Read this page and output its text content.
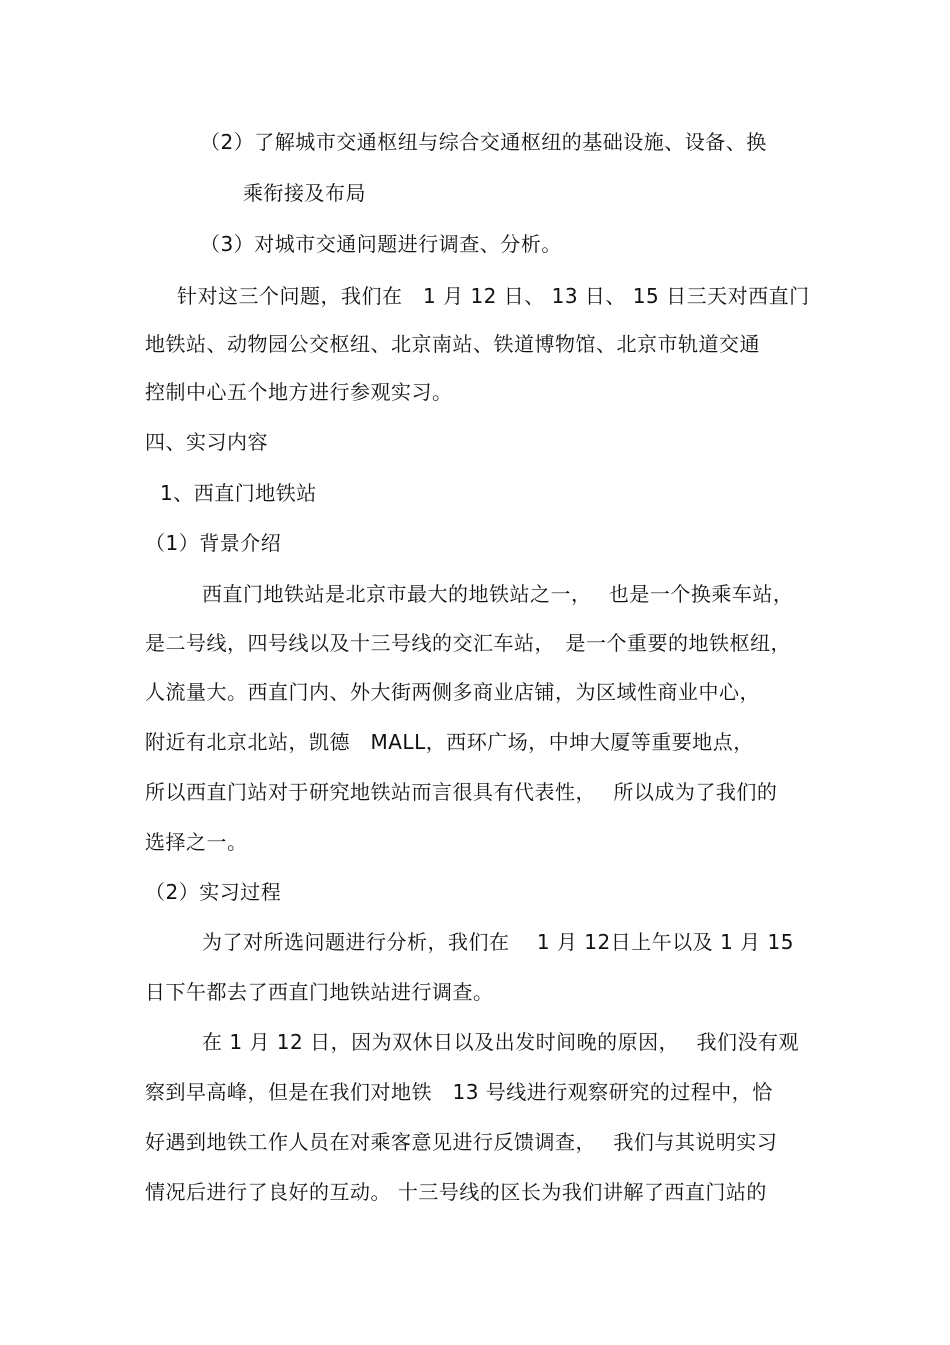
（2）了解城市交通枢纽与综合交通枢纽的基础设施、设备、换
乘衔接及布局
（3）对城市交通问题进行调查、分析。
针对这三个问题，我们在　1 月 12 日、 13 日、 15 日三天对西直门
地铁站、动物园公交枢纽、北京南站、铁道博物馆、北京市轨道交通
控制中心五个地方进行参观实习。
四、实习内容
1、西直门地铁站
（1）背景介绍
西直门地铁站是北京市最大的地铁站之一，　 也是一个换乘车站，
是二号线，四号线以及十三号线的交汇车站，　是一个重要的地铁枢纽，
人流量大。西直门内、外大街两侧多商业店铺，为区域性商业中心，
附近有北京北站，凯德　MALL，西环广场，中坤大厦等重要地点，
所以西直门站对于研究地铁站而言很具有代表性，　 所以成为了我们的
选择之一。
（2）实习过程
为了对所选问题进行分析，我们在　 1 月 12日上午以及 1 月 15
日下午都去了西直门地铁站进行调查。
在 1 月 12 日，因为双休日以及出发时间晚的原因，　 我们没有观
察到早高峰，但是在我们对地铁　13 号线进行观察研究的过程中，恰
好遇到地铁工作人员在对乘客意见进行反馈调查，　 我们与其说明实习
情况后进行了良好的互动。 十三号线的区长为我们讲解了西直门站的
